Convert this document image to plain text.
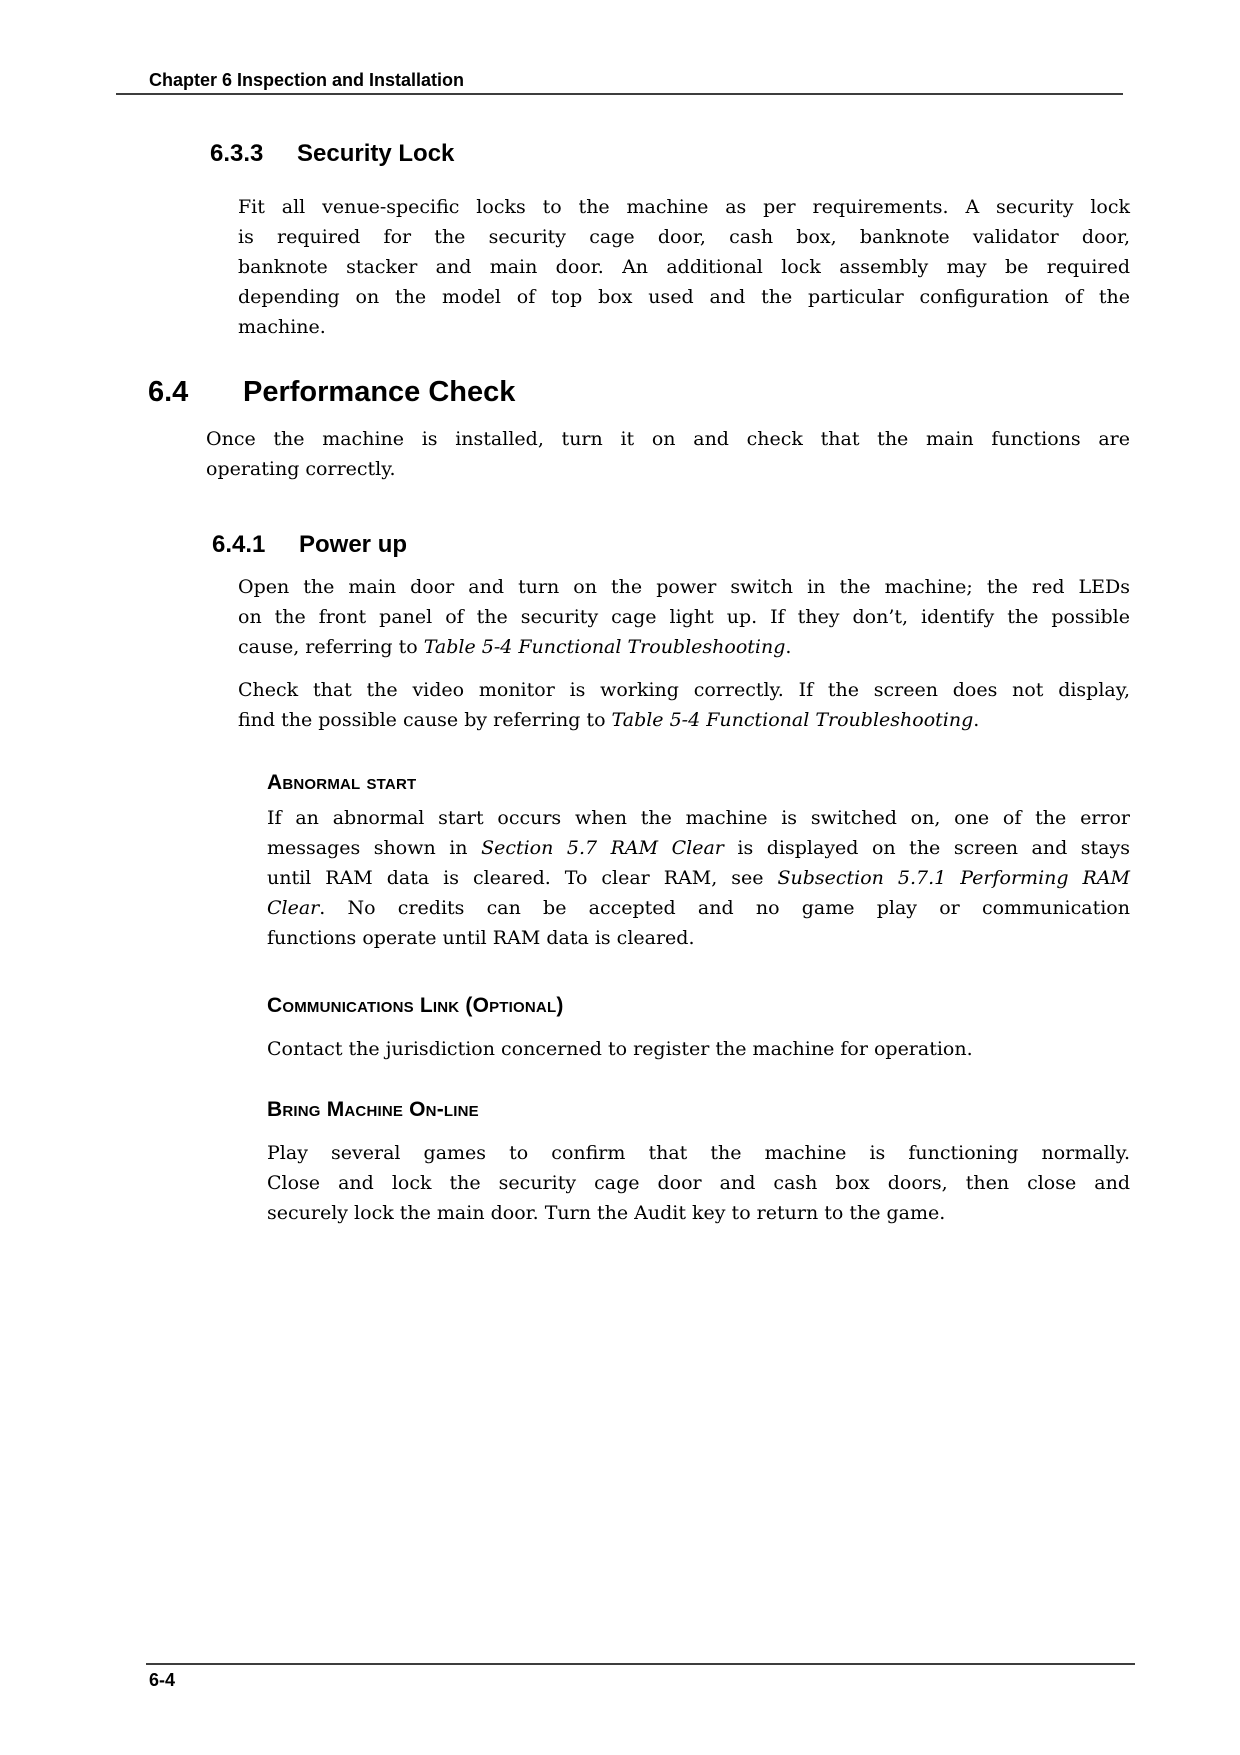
Chapter 6 Inspection and Installation
6.3.3 Security Lock
Fit all venue-specific locks to the machine as per requirements. A security lock
is required for the security cage door, cash box, banknote validator door,
banknote stacker and main door. An additional lock assembly may be required
depending on the model of top box used and the particular configuration of the
machine.
6.4 Performance Check
Once the machine is installed, turn it on and check that the main functions are
operating correctly.
6.4.1 Power up
Open the main door and turn on the power switch in the machine; the red LEDs
on the front panel of the security cage light up. If they don’t, identify the possible
cause, referring to Table 5-4 Functional Troubleshooting.
Check that the video monitor is working correctly. If the screen does not display,
find the possible cause by referring to Table 5-4 Functional Troubleshooting.
Abnormal start
If an abnormal start occurs when the machine is switched on, one of the error
messages shown in Section 5.7 RAM Clear is displayed on the screen and stays
until RAM data is cleared. To clear RAM, see Subsection 5.7.1 Performing RAM
Clear. No credits can be accepted and no game play or communication
functions operate until RAM data is cleared.
Communications Link (Optional)
Contact the jurisdiction concerned to register the machine for operation.
Bring Machine On-line
Play several games to confirm that the machine is functioning normally.
Close and lock the security cage door and cash box doors, then close and
securely lock the main door. Turn the Audit key to return to the game.
6-4
